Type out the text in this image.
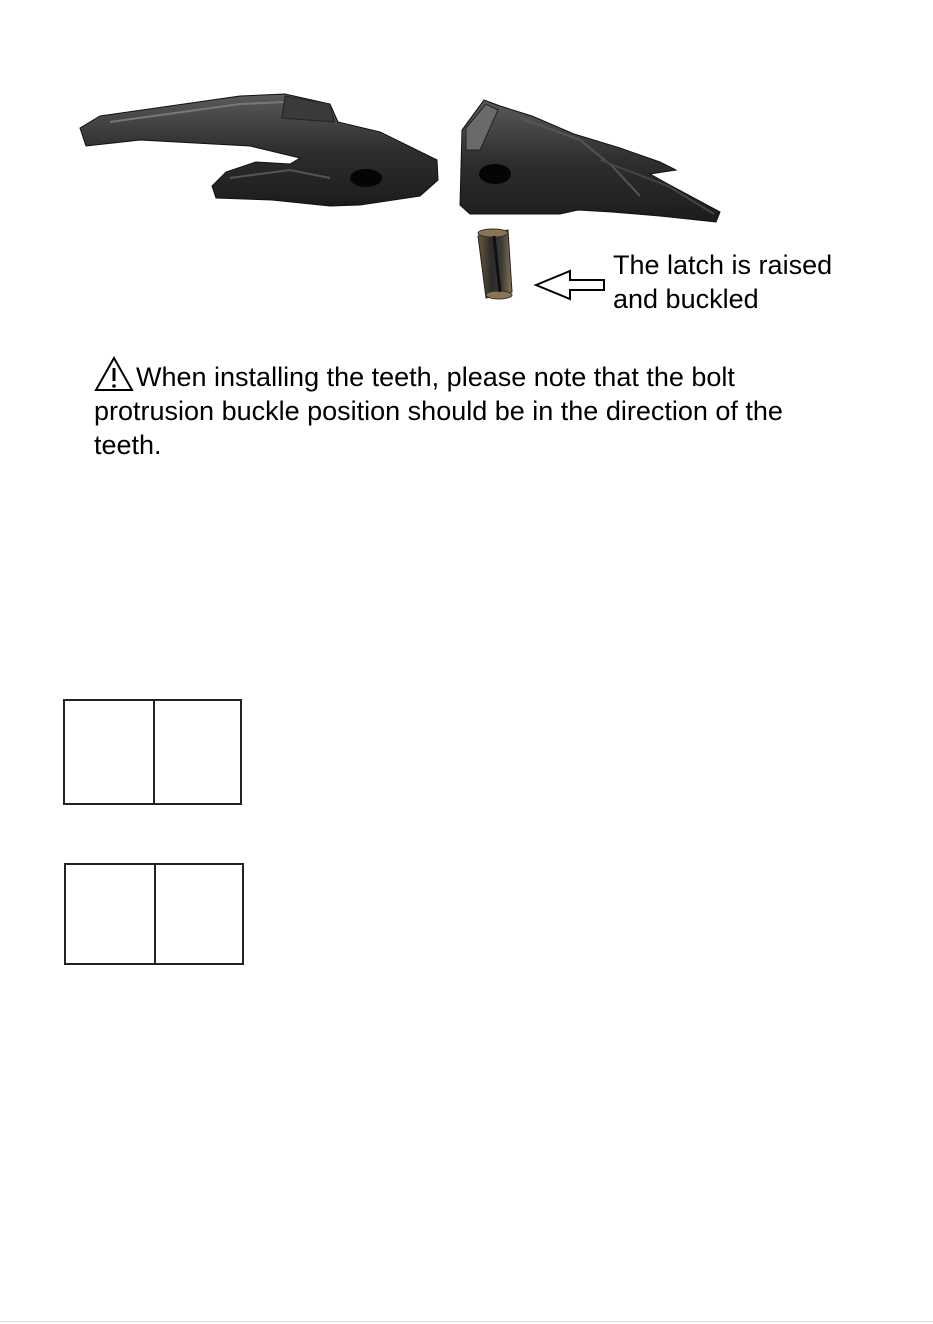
The latch is raised
and buckled
When installing the teeth, please note that the bolt
protrusion buckle position should be in the direction of the
teeth.
